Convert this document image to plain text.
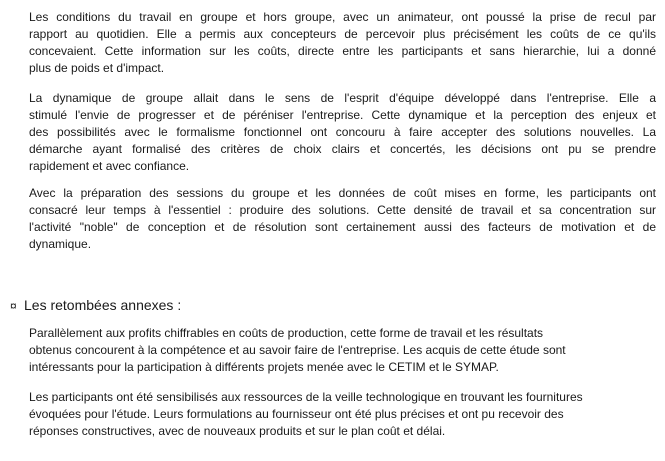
Les conditions du travail en groupe et hors groupe, avec un animateur, ont poussé la prise de recul par
rapport au quotidien. Elle a permis aux concepteurs de percevoir plus précisément les coûts de ce qu'ils
concevaient. Cette information sur les coûts, directe entre les participants et sans hierarchie, lui a donné
plus de poids et d'impact.
La dynamique de groupe allait dans le sens de l'esprit d'équipe développé dans l'entreprise. Elle a
stimulé l'envie de progresser et de péréniser l'entreprise. Cette dynamique et la perception des enjeux et
des possibilités avec le formalisme fonctionnel ont concouru à faire accepter des solutions nouvelles. La
démarche ayant formalisé des critères de choix clairs et concertés, les décisions ont pu se prendre
rapidement et avec confiance.
Avec la préparation des sessions du groupe et les données de coût mises en forme, les participants ont
consacré leur temps à l'essentiel : produire des solutions. Cette densité de travail et sa concentration sur
l'activité "noble" de conception et de résolution sont certainement aussi des facteurs de motivation et de
dynamique.
¤ Les retombées annexes :
Parallèlement aux profits chiffrables en coûts de production, cette forme de travail et les résultats
obtenus concourent à la compétence et au savoir faire de l'entreprise. Les acquis de cette étude sont
intéressants pour la participation à différents projets menée avec le CETIM et le SYMAP.
Les participants ont été sensibilisés aux ressources de la veille technologique en trouvant les fournitures
évoquées pour l'étude. Leurs formulations au fournisseur ont été plus précises et ont pu recevoir des
réponses constructives, avec de nouveaux produits et sur le plan coût et délai.
